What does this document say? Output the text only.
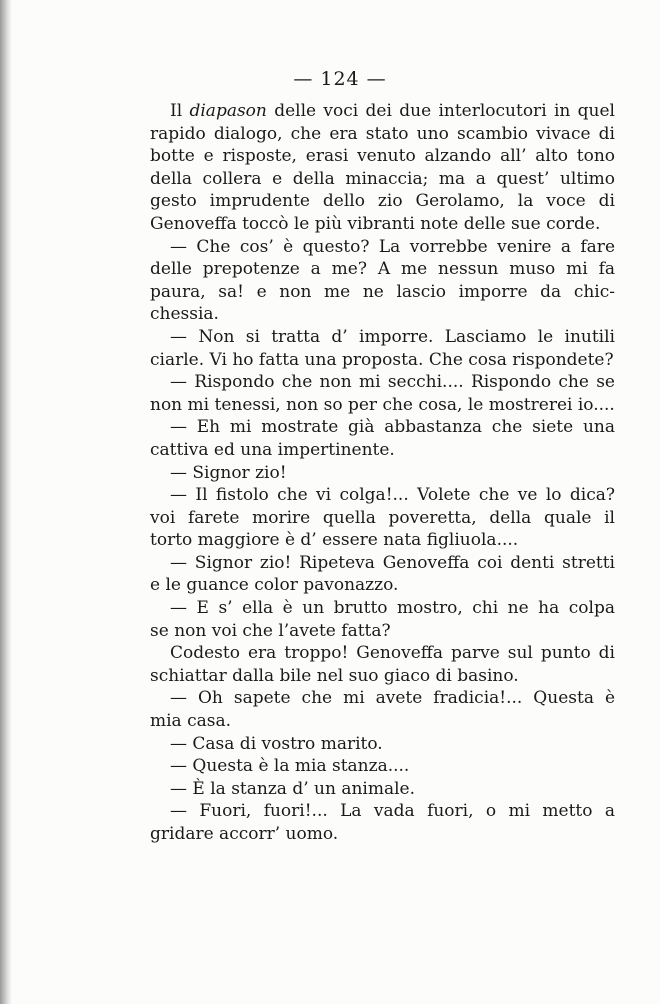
— 124 —
Il diapason delle voci dei due interlocutori in quel
rapido dialogo, che era stato uno scambio vivace di
botte e risposte, erasi venuto alzando all’ alto tono
della collera e della minaccia; ma a quest’ ultimo
gesto imprudente dello zio Gerolamo, la voce di
Genoveffa toccò le più vibranti note delle sue corde.
— Che cos’ è questo? La vorrebbe venire a fare
delle prepotenze a me? A me nessun muso mi fa
paura, sa! e non me ne lascio imporre da chic-
chessia.
— Non si tratta d’ imporre. Lasciamo le inutili
ciarle. Vi ho fatta una proposta. Che cosa rispondete?
— Rispondo che non mi secchi.... Rispondo che se
non mi tenessi, non so per che cosa, le mostrerei io....
— Eh mi mostrate già abbastanza che siete una
cattiva ed una impertinente.
— Signor zio!
— Il fistolo che vi colga!... Volete che ve lo dica?
voi farete morire quella poveretta, della quale il
torto maggiore è d’ essere nata figliuola....
— Signor zio! Ripeteva Genoveffa coi denti stretti
e le guance color pavonazzo.
— E s’ ella è un brutto mostro, chi ne ha colpa
se non voi che l’avete fatta?
Codesto era troppo! Genoveffa parve sul punto di
schiattar dalla bile nel suo giaco di basino.
— Oh sapete che mi avete fradicia!... Questa è
mia casa.
— Casa di vostro marito.
— Questa è la mia stanza....
— È la stanza d’ un animale.
— Fuori, fuori!... La vada fuori, o mi metto a
gridare accorr’ uomo.
